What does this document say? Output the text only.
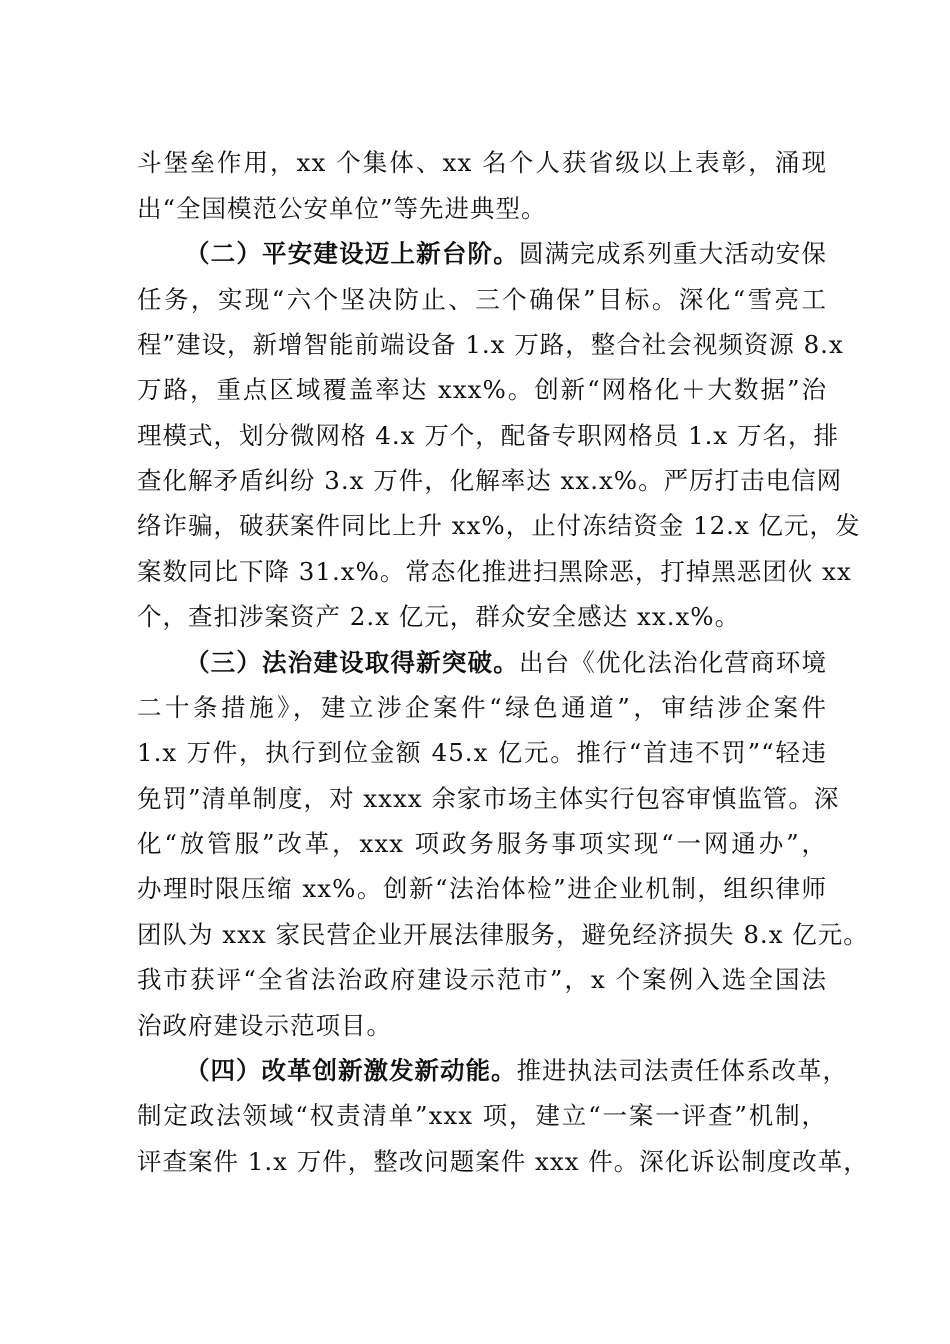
斗堡垒作用，xx 个集体、xx 名个人获省级以上表彰，涌现
出“全国模范公安单位”等先进典型。
（二）平安建设迈上新台阶。圆满完成系列重大活动安保
任务，实现“六个坚决防止、三个确保”目标。深化“雪亮工
程”建设，新增智能前端设备 1.x 万路，整合社会视频资源 8.x
万路，重点区域覆盖率达 xxx%。创新“网格化＋大数据”治
理模式，划分微网格 4.x 万个，配备专职网格员 1.x 万名，排
查化解矛盾纠纷 3.x 万件，化解率达 xx.x%。严厉打击电信网
络诈骗，破获案件同比上升 xx%，止付冻结资金 12.x 亿元，发
案数同比下降 31.x%。常态化推进扫黑除恶，打掉黑恶团伙 xx
个，查扣涉案资产 2.x 亿元，群众安全感达 xx.x%。
（三）法治建设取得新突破。出台《优化法治化营商环境
二十条措施》，建立涉企案件“绿色通道”，审结涉企案件
1.x 万件，执行到位金额 45.x 亿元。推行“首违不罚”“轻违
免罚”清单制度，对 xxxx 余家市场主体实行包容审慎监管。深
化“放管服”改革，xxx 项政务服务事项实现“一网通办”，
办理时限压缩 xx%。创新“法治体检”进企业机制，组织律师
团队为 xxx 家民营企业开展法律服务，避免经济损失 8.x 亿元。
我市获评“全省法治政府建设示范市”，x 个案例入选全国法
治政府建设示范项目。
（四）改革创新激发新动能。推进执法司法责任体系改革，
制定政法领域“权责清单”xxx 项，建立“一案一评查”机制，
评查案件 1.x 万件，整改问题案件 xxx 件。深化诉讼制度改革，
